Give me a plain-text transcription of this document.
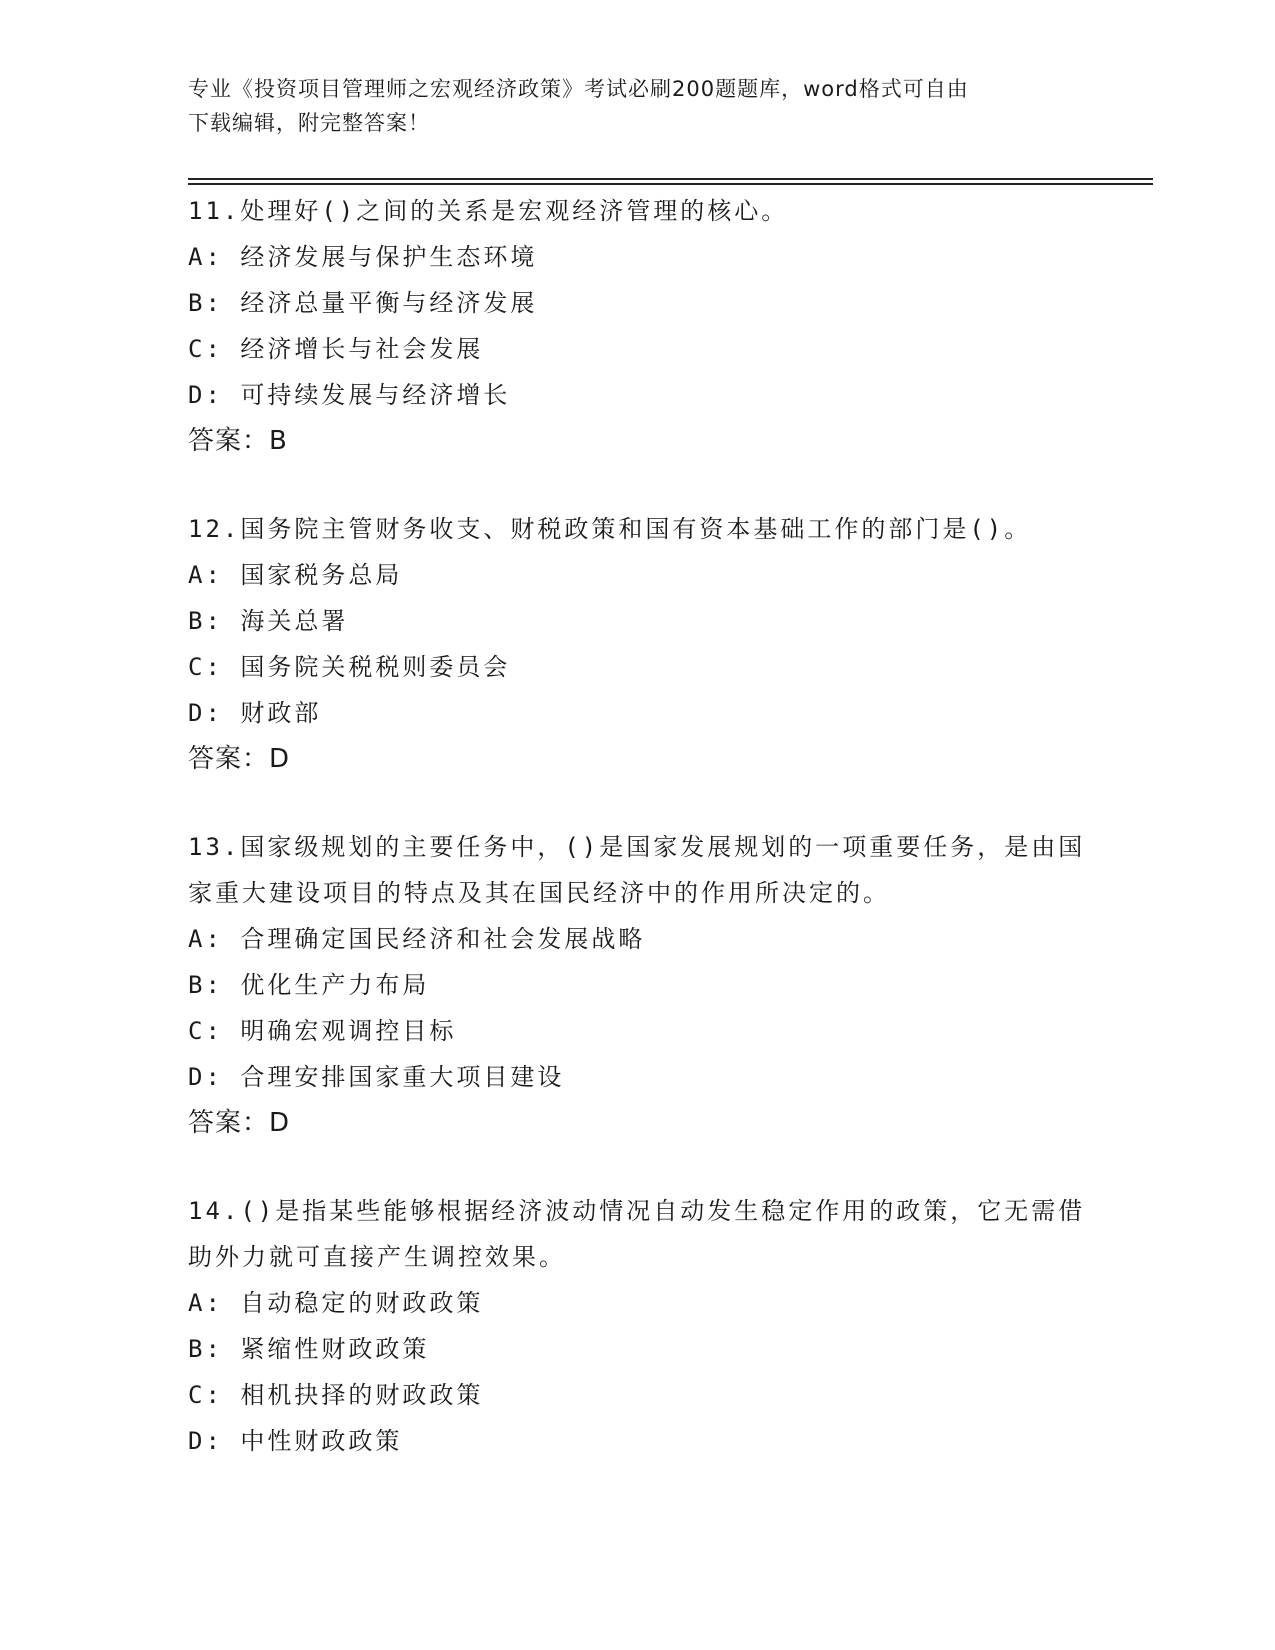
专业《投资项目管理师之宏观经济政策》考试必刷200题题库，word格式可自由
下载编辑，附完整答案！
11.处理好()之间的关系是宏观经济管理的核心。
A: 经济发展与保护生态环境
B: 经济总量平衡与经济发展
C: 经济增长与社会发展
D: 可持续发展与经济增长
答案：B
12.国务院主管财务收支、财税政策和国有资本基础工作的部门是()。
A: 国家税务总局
B: 海关总署
C: 国务院关税税则委员会
D: 财政部
答案：D
13.国家级规划的主要任务中，()是国家发展规划的一项重要任务，是由国家重大建设项目的特点及其在国民经济中的作用所决定的。
A: 合理确定国民经济和社会发展战略
B: 优化生产力布局
C: 明确宏观调控目标
D: 合理安排国家重大项目建设
答案：D
14.()是指某些能够根据经济波动情况自动发生稳定作用的政策，它无需借助外力就可直接产生调控效果。
A: 自动稳定的财政政策
B: 紧缩性财政政策
C: 相机抉择的财政政策
D: 中性财政政策
